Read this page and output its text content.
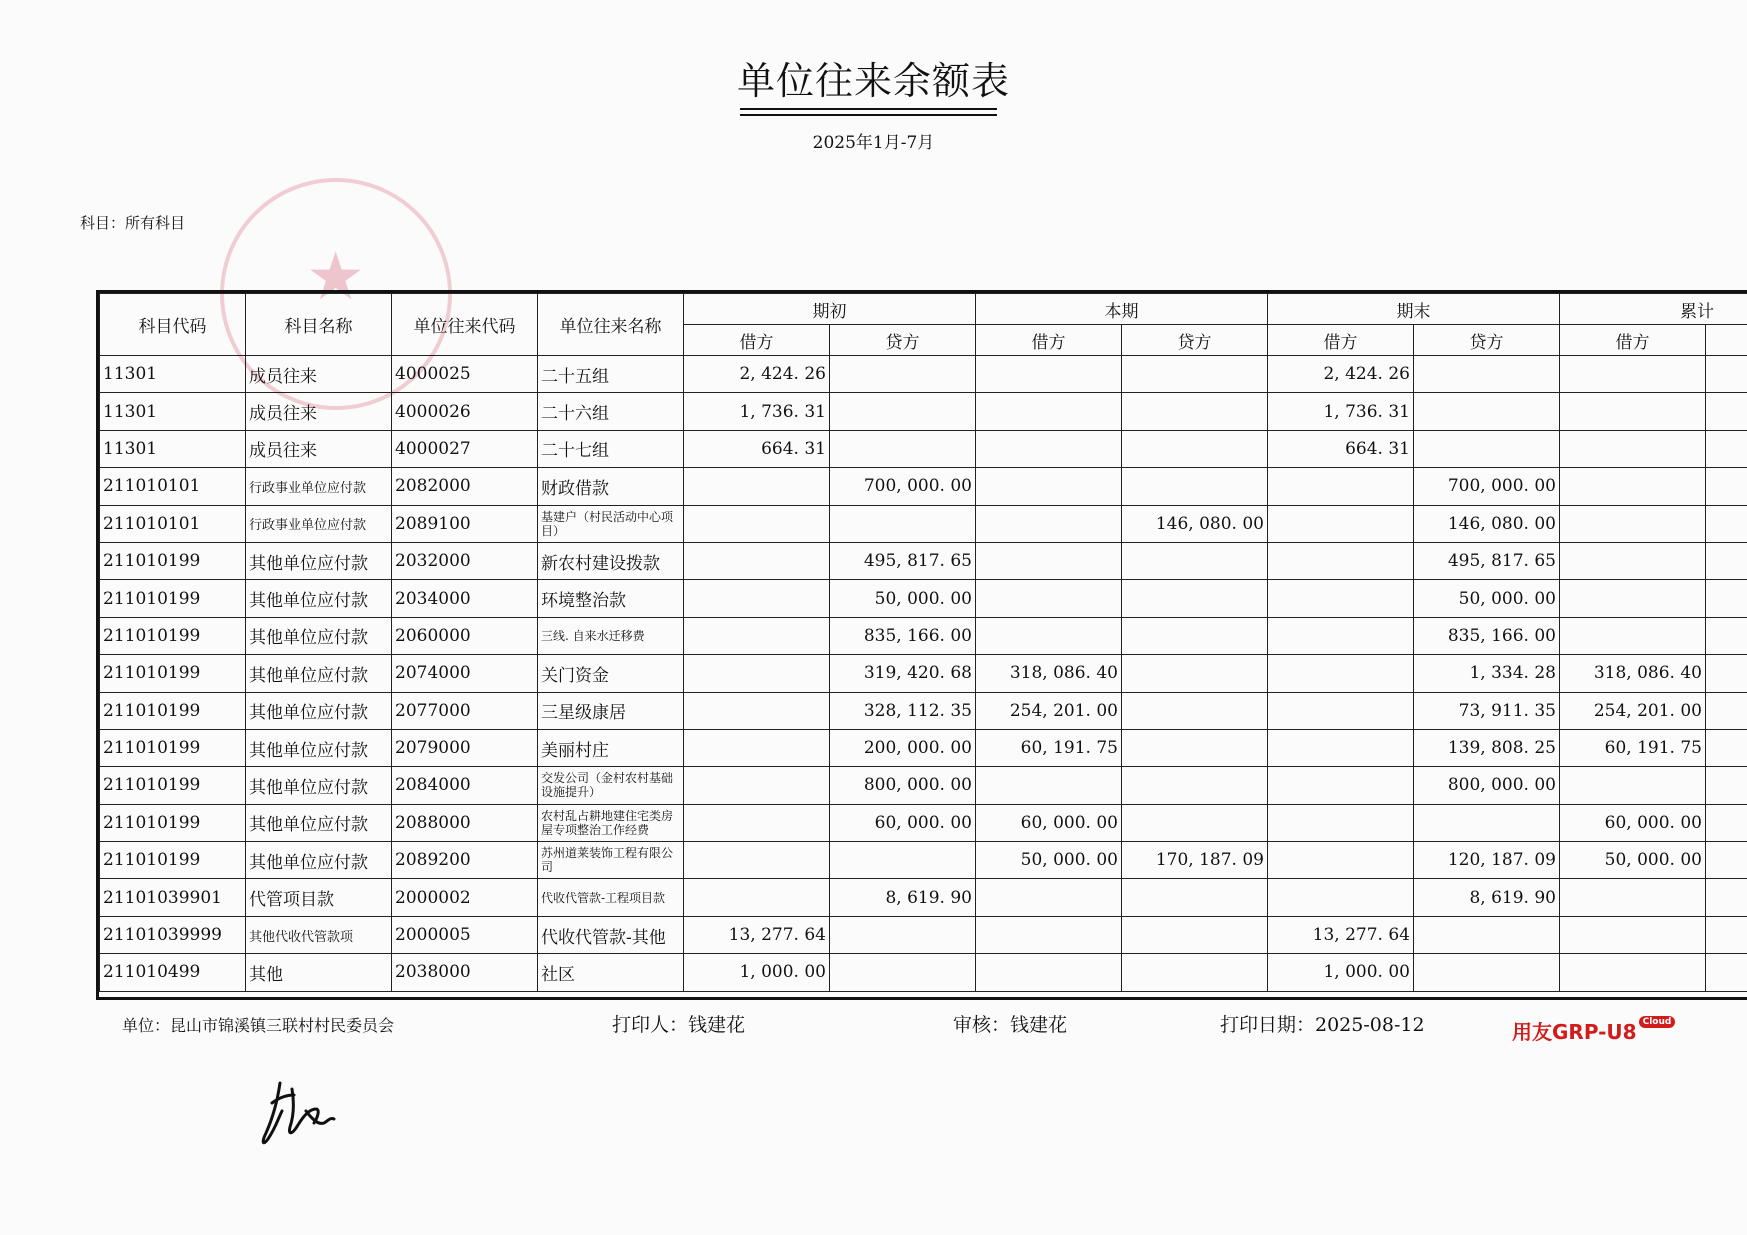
单位往来余额表
2025年1月-7月
科目：所有科目
★
科目代码	科目名称	单位往来代码	单位往来名称	期初		本期		期末		累计	
				借方	贷方	借方	贷方	借方	贷方	借方	
11301	成员往来	4000025	二十五组	2, 424. 26				2, 424. 26			
11301	成员往来	4000026	二十六组	1, 736. 31				1, 736. 31			
11301	成员往来	4000027	二十七组	664. 31				664. 31			
211010101	行政事业单位应付款	2082000	财政借款		700, 000. 00				700, 000. 00		
211010101	行政事业单位应付款	2089100	基建户（村民活动中心项目）				146, 080. 00		146, 080. 00		
211010199	其他单位应付款	2032000	新农村建设拨款		495, 817. 65				495, 817. 65		
211010199	其他单位应付款	2034000	环境整治款		50, 000. 00				50, 000. 00		
211010199	其他单位应付款	2060000	三线. 自来水迁移费		835, 166. 00				835, 166. 00		
211010199	其他单位应付款	2074000	关门资金		319, 420. 68	318, 086. 40			1, 334. 28	318, 086. 40	
211010199	其他单位应付款	2077000	三星级康居		328, 112. 35	254, 201. 00			73, 911. 35	254, 201. 00	
211010199	其他单位应付款	2079000	美丽村庄		200, 000. 00	60, 191. 75			139, 808. 25	60, 191. 75	
211010199	其他单位应付款	2084000	交发公司（金村农村基础设施提升）		800, 000. 00				800, 000. 00		
211010199	其他单位应付款	2088000	农村乱占耕地建住宅类房屋专项整治工作经费		60, 000. 00	60, 000. 00				60, 000. 00	
211010199	其他单位应付款	2089200	苏州道莱装饰工程有限公司			50, 000. 00	170, 187. 09		120, 187. 09	50, 000. 00	
21101039901	代管项目款	2000002	代收代管款-工程项目款		8, 619. 90				8, 619. 90		
21101039999	其他代收代管款项	2000005	代收代管款-其他	13, 277. 64				13, 277. 64			
211010499	其他	2038000	社区	1, 000. 00				1, 000. 00			
单位：昆山市锦溪镇三联村村民委员会	打印人：钱建花	审核：钱建花	打印日期：2025-08-12	用友GRP-U8 Cloud
